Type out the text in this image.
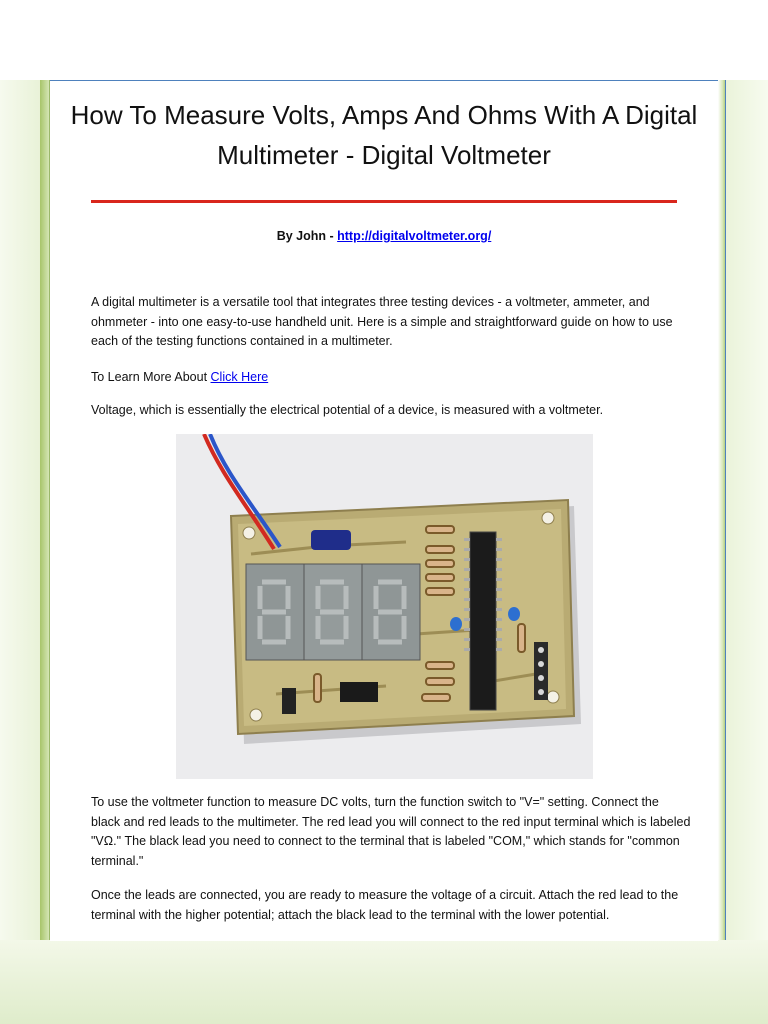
How To Measure Volts, Amps And Ohms With A Digital Multimeter - Digital Voltmeter
By John - http://digitalvoltmeter.org/

A digital multimeter is a versatile tool that integrates three testing devices - a voltmeter, ammeter, and ohmmeter - into one easy-to-use handheld unit. Here is a simple and straightforward guide on how to use each of the testing functions contained in a multimeter.

To Learn More About Click Here

Voltage, which is essentially the electrical potential of a device, is measured with a voltmeter.

To use the voltmeter function to measure DC volts, turn the function switch to "V=" setting. Connect the black and red leads to the multimeter. The red lead you will connect to the red input terminal which is labeled "VΩ." The black lead you need to connect to the terminal that is labeled "COM," which stands for "common terminal."

Once the leads are connected, you are ready to measure the voltage of a circuit. Attach the red lead to the terminal with the higher potential; attach the black lead to the terminal with the lower potential.
